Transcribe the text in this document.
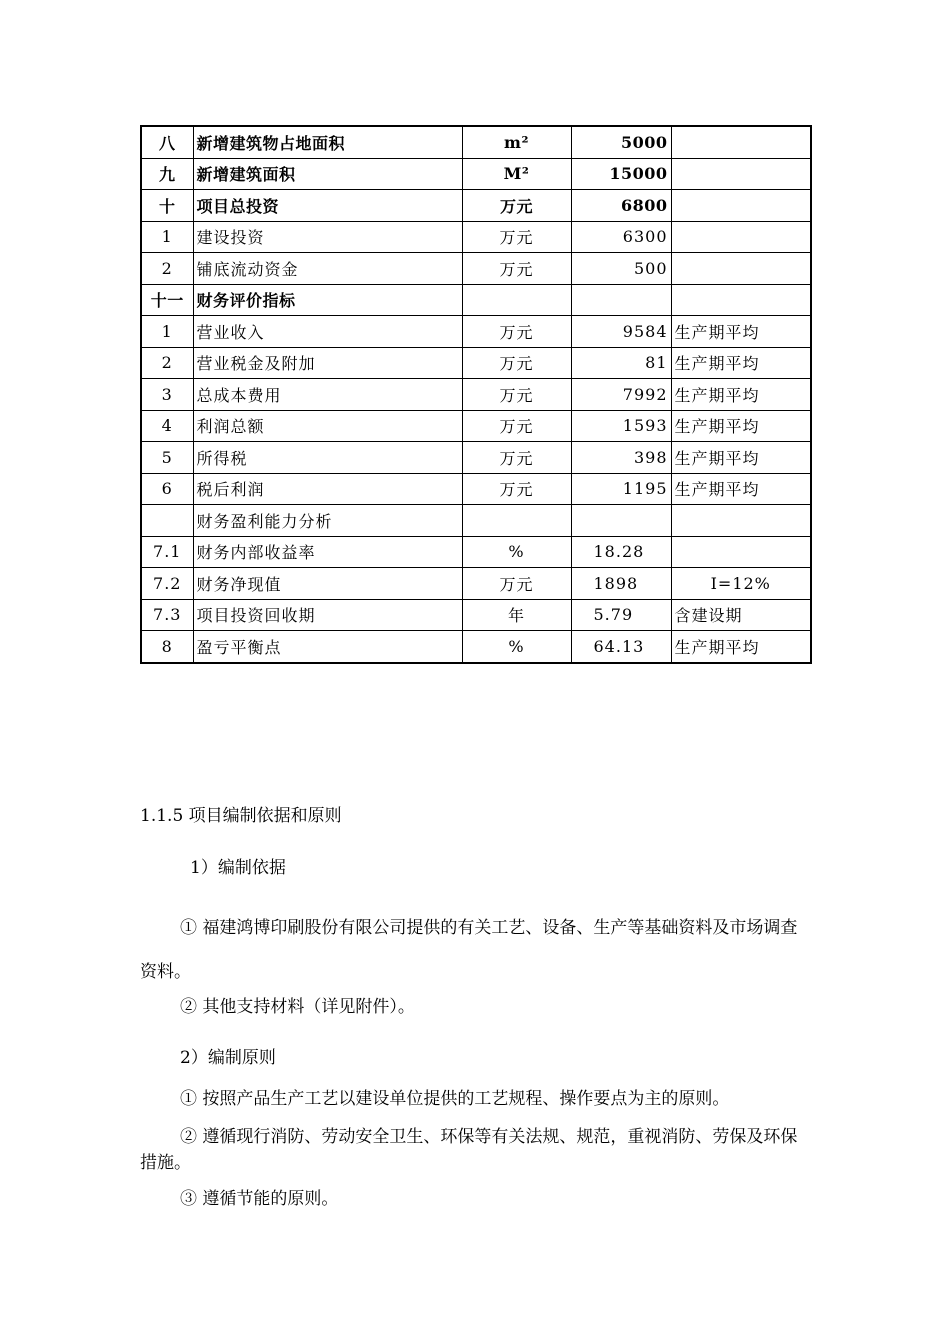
八	新增建筑物占地面积	m²	5000	
九	新增建筑面积	M²	15000	
十	项目总投资	万元	6800	
1	建设投资	万元	6300	
2	铺底流动资金	万元	500	
十一	财务评价指标			
1	营业收入	万元	9584	生产期平均
2	营业税金及附加	万元	81	生产期平均
3	总成本费用	万元	7992	生产期平均
4	利润总额	万元	1593	生产期平均
5	所得税	万元	398	生产期平均
6	税后利润	万元	1195	生产期平均
	财务盈利能力分析			
7.1	财务内部收益率	%	18.28	
7.2	财务净现值	万元	1898	I=12%
7.3	项目投资回收期	年	5.79	含建设期
8	盈亏平衡点	%	64.13	生产期平均
1.1.5 项目编制依据和原则
1）编制依据
① 福建鸿博印刷股份有限公司提供的有关工艺、设备、生产等基础资料及市场调查资料。
② 其他支持材料（详见附件）。
2）编制原则
① 按照产品生产工艺以建设单位提供的工艺规程、操作要点为主的原则。
② 遵循现行消防、劳动安全卫生、环保等有关法规、规范，重视消防、劳保及环保措施。
③ 遵循节能的原则。
